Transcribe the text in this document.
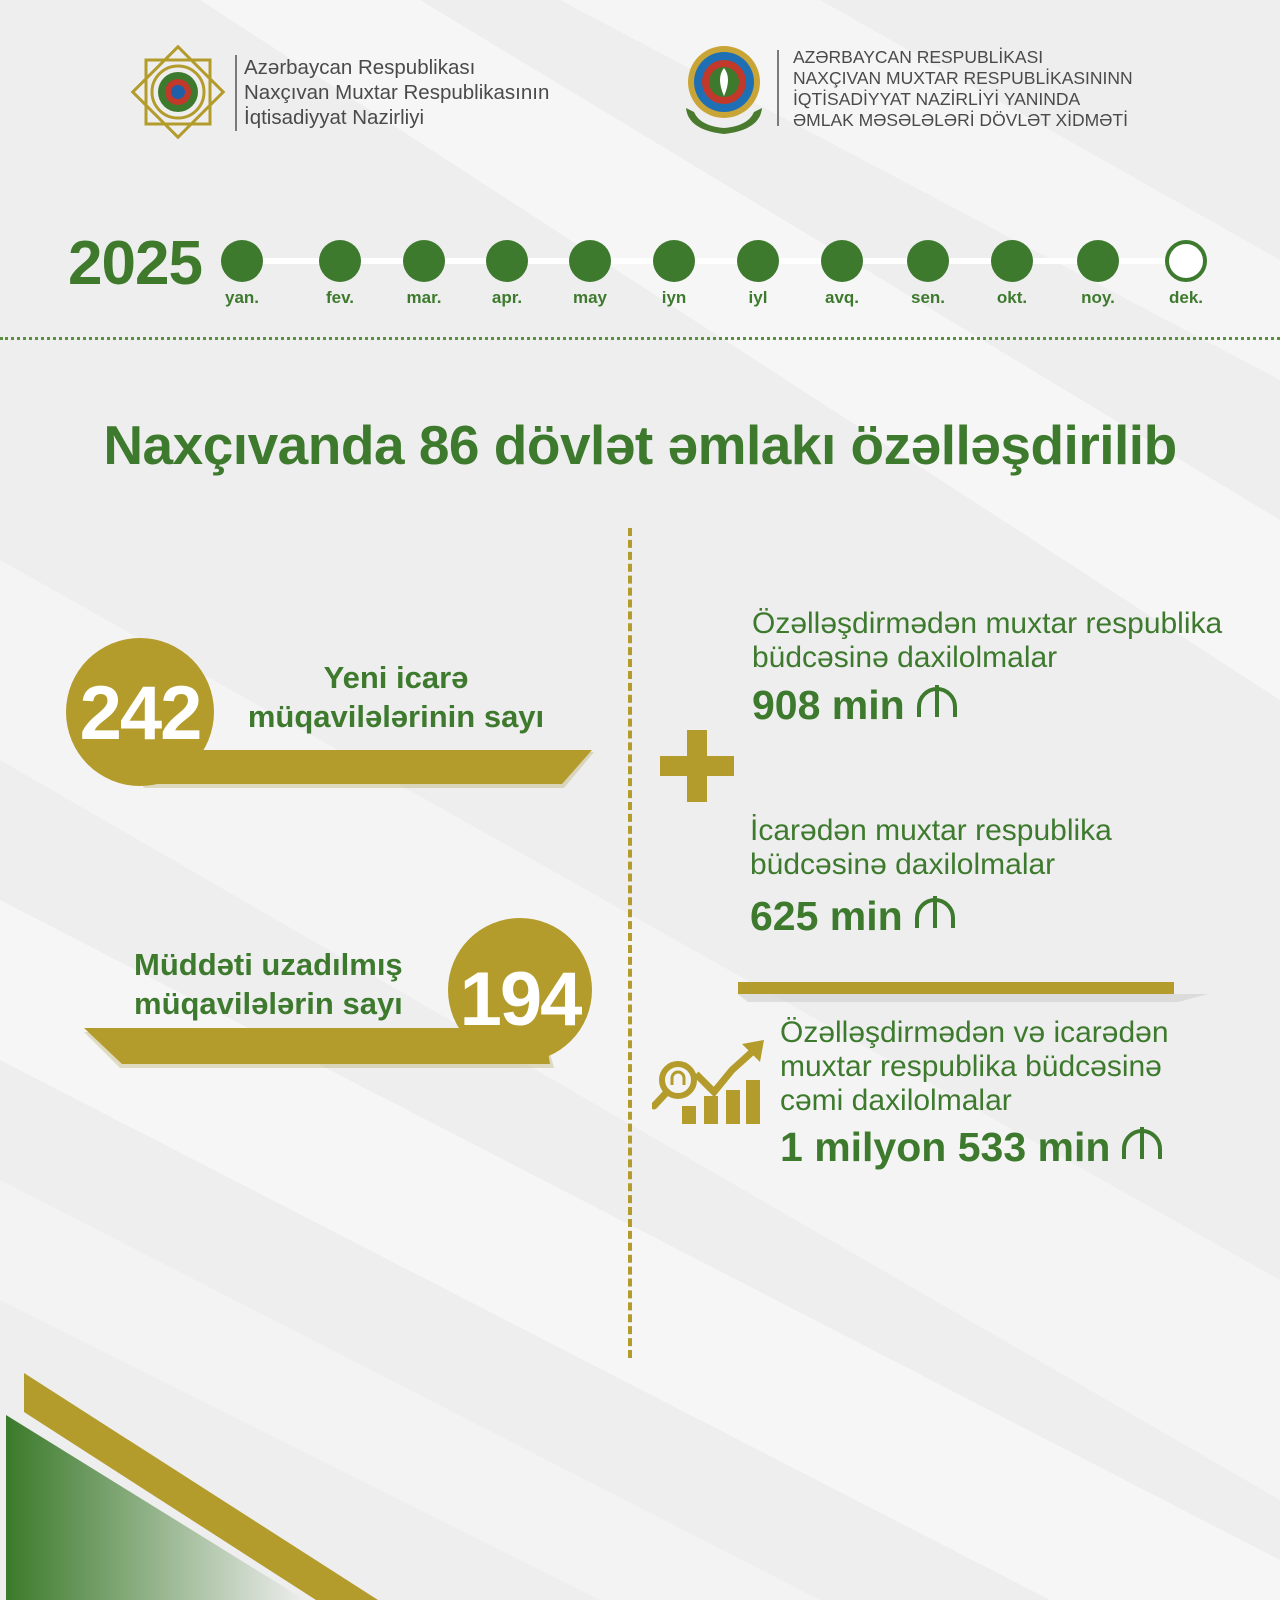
Azərbaycan Respublikası
Naxçıvan Muxtar Respublikasının
İqtisadiyyat Nazirliyi
AZƏRBAYCAN RESPUBLİKASI
NAXÇIVAN MUXTAR RESPUBLİKASININN
İQTİSADİYYAT NAZİRLİYİ YANINDA
ƏMLAK MƏSƏLƏLƏRİ DÖVLƏT XİDMƏTİ
2025	yan.	fev.	mar.	apr.	may	iyn	iyl	avq.	sen.	okt.	noy.	dek.
Naxçıvanda 86 dövlət əmlakı özəlləşdirilib
242	Yeni icarə
müqavilələrinin sayı
194
Müddəti uzadılmış
müqavilələrin sayı
Özəlləşdirmədən muxtar respublika
büdcəsinə daxilolmalar
908 min
İcarədən muxtar respublika
büdcəsinə daxilolmalar
625 min
Özəlləşdirmədən və icarədən
muxtar respublika büdcəsinə
cəmi daxilolmalar
1 milyon 533 min
